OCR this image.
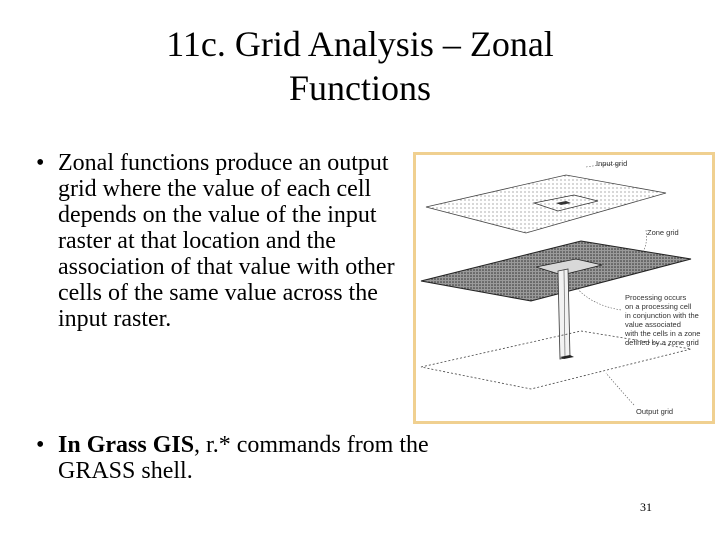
11c. Grid Analysis – Zonal
Functions
• Zonal functions produce an output grid where the value of each cell depends on the value of the input raster at that location and the association of that value with other cells of the same value across the input raster.
Input grid
Zone grid
Processing occurs
on a processing cell
in conjunction with the
value associated
with the cells in a zone
defined by a zone grid
Output grid
• In Grass GIS, r.* commands from the GRASS shell.
31
